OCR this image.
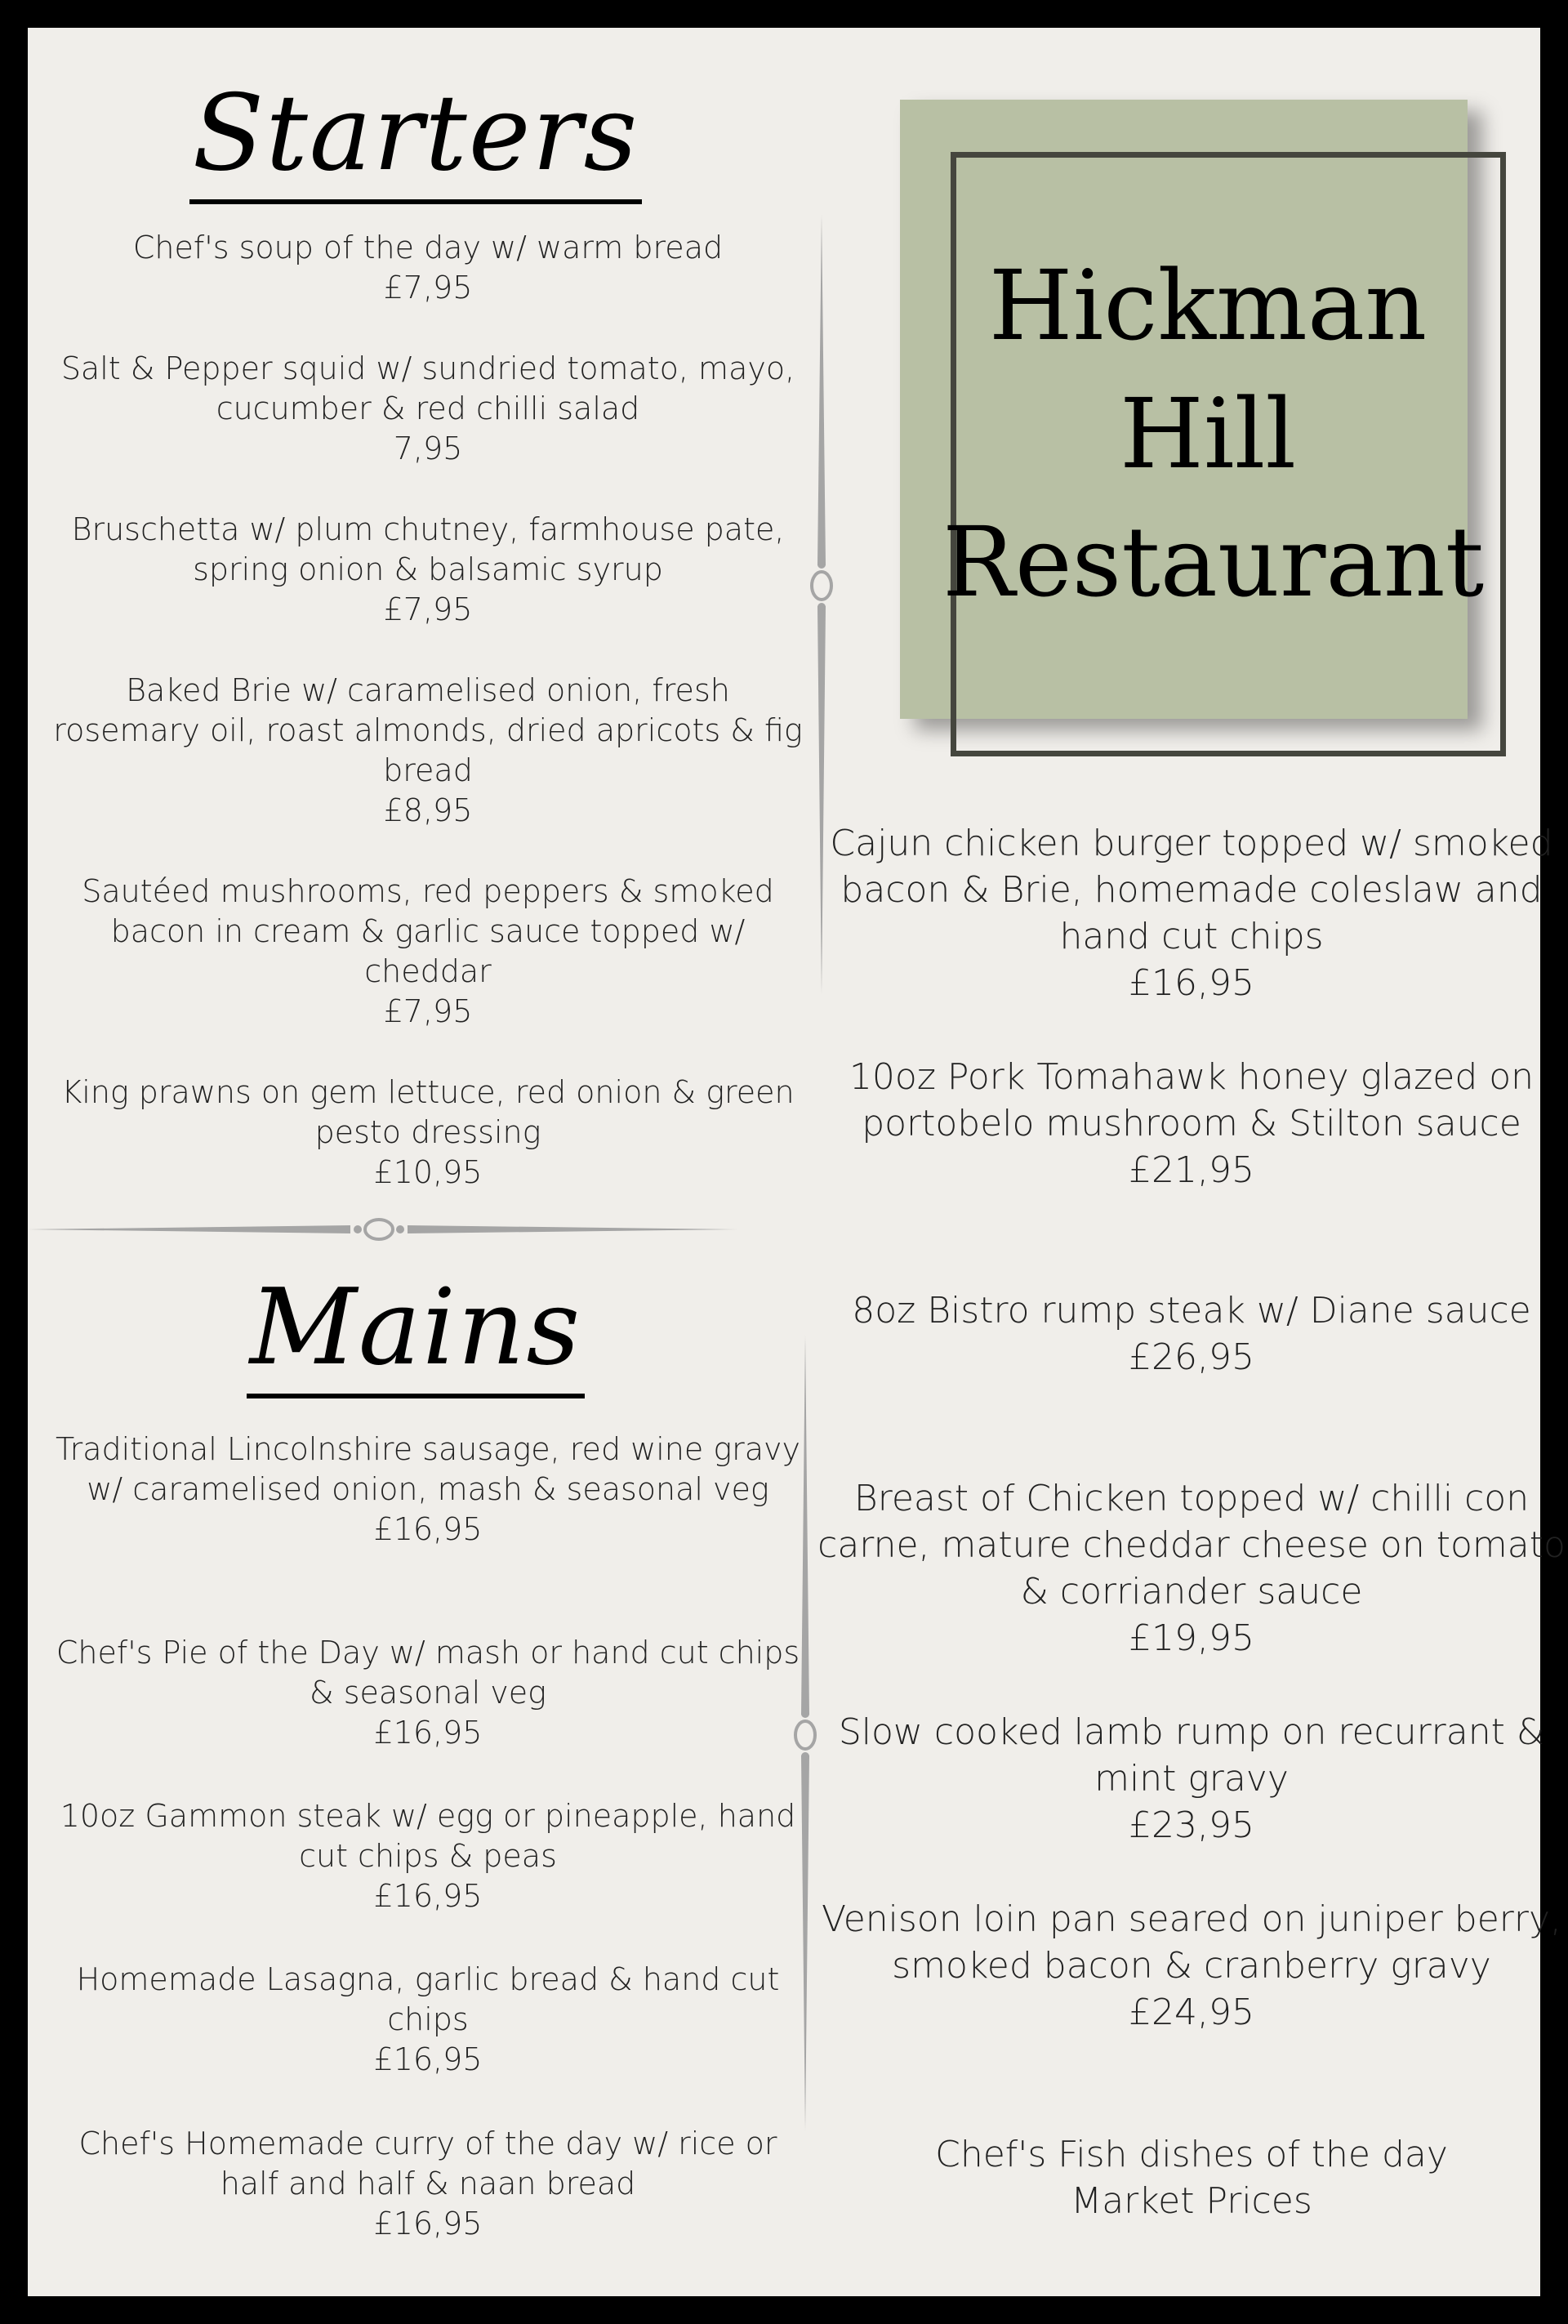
Starters
Chef's soup of the day w/ warm bread
£7,95
Salt & Pepper squid w/ sundried tomato, mayo, cucumber & red chilli salad
7,95
Bruschetta w/ plum chutney, farmhouse pate, spring onion & balsamic syrup
£7,95
Baked Brie w/ caramelised onion, fresh rosemary oil, roast almonds, dried apricots & fig bread
£8,95
Sautéed mushrooms, red peppers & smoked bacon in cream & garlic sauce topped w/ cheddar
£7,95
King prawns on gem lettuce, red onion & green pesto dressing
£10,95
Mains
Traditional Lincolnshire sausage, red wine gravy w/ caramelised onion, mash & seasonal veg
£16,95
Chef's Pie of the Day w/ mash or hand cut chips & seasonal veg
£16,95
10oz Gammon steak w/ egg or pineapple, hand cut chips & peas
£16,95
Homemade Lasagna, garlic bread & hand cut chips
£16,95
Chef's Homemade curry of the day w/ rice or half and half & naan bread
£16,95
Hickman
Hill
Restaurant
Cajun chicken burger topped w/ smoked bacon & Brie, homemade coleslaw and hand cut chips
£16,95
10oz Pork Tomahawk honey glazed on portobelo mushroom & Stilton sauce
£21,95
8oz Bistro rump steak w/ Diane sauce
£26,95
Breast of Chicken topped w/ chilli con carne, mature cheddar cheese on tomato & corriander sauce
£19,95
Slow cooked lamb rump on recurrant & mint gravy
£23,95
Venison loin pan seared on juniper berry, smoked bacon & cranberry gravy
£24,95
Chef's Fish dishes of the day
Market Prices
